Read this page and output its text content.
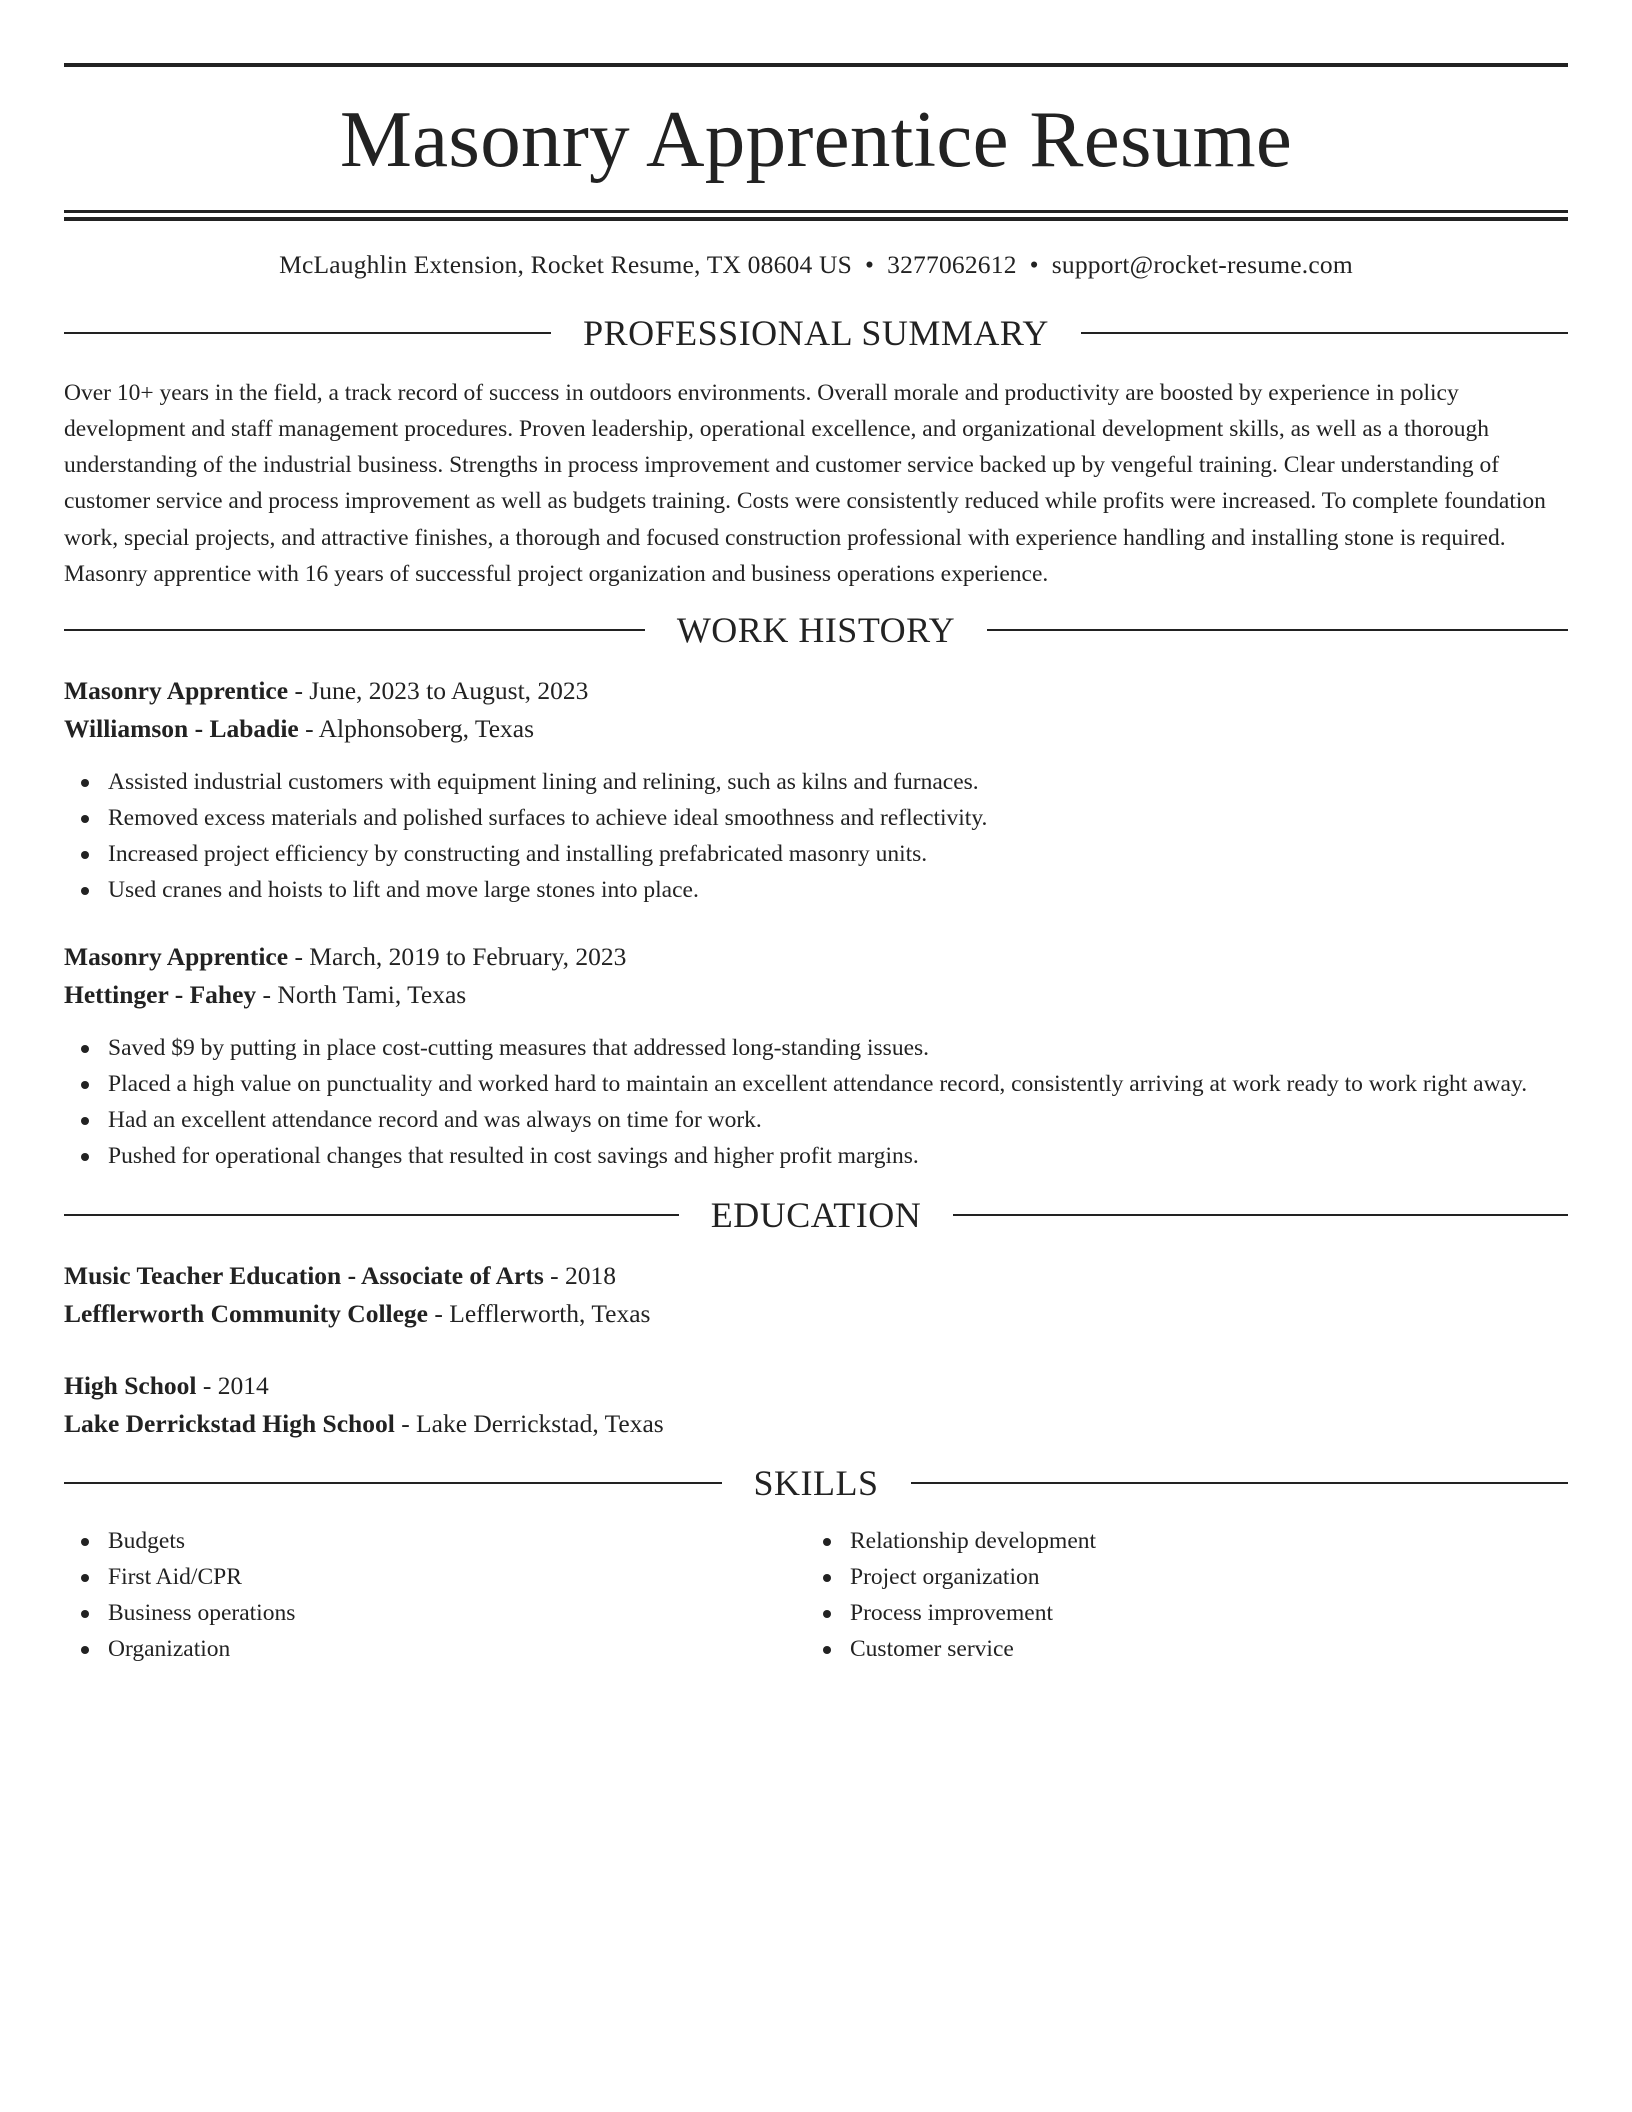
Masonry Apprentice Resume
McLaughlin Extension, Rocket Resume, TX 08604 US • 3277062612 • support@rocket-resume.com
PROFESSIONAL SUMMARY

Over 10+ years in the field, a track record of success in outdoors environments. Overall morale and productivity are boosted by experience in policy development and staff management procedures. Proven leadership, operational excellence, and organizational development skills, as well as a thorough understanding of the industrial business. Strengths in process improvement and customer service backed up by vengeful training. Clear understanding of customer service and process improvement as well as budgets training. Costs were consistently reduced while profits were increased. To complete foundation work, special projects, and attractive finishes, a thorough and focused construction professional with experience handling and installing stone is required. Masonry apprentice with 16 years of successful project organization and business operations experience.

WORK HISTORY
Masonry Apprentice - June, 2023 to August, 2023
Williamson - Labadie - Alphonsoberg, Texas
Assisted industrial customers with equipment lining and relining, such as kilns and furnaces.
Removed excess materials and polished surfaces to achieve ideal smoothness and reflectivity.
Increased project efficiency by constructing and installing prefabricated masonry units.
Used cranes and hoists to lift and move large stones into place.
Masonry Apprentice - March, 2019 to February, 2023
Hettinger - Fahey - North Tami, Texas
Saved $9 by putting in place cost-cutting measures that addressed long-standing issues.
Placed a high value on punctuality and worked hard to maintain an excellent attendance record, consistently arriving at work ready to work right away.
Had an excellent attendance record and was always on time for work.
Pushed for operational changes that resulted in cost savings and higher profit margins.
EDUCATION
Music Teacher Education - Associate of Arts - 2018
Lefflerworth Community College - Lefflerworth, Texas
High School - 2014
Lake Derrickstad High School - Lake Derrickstad, Texas
SKILLS
Budgets
First Aid/CPR
Business operations
Organization
Relationship development
Project organization
Process improvement
Customer service
